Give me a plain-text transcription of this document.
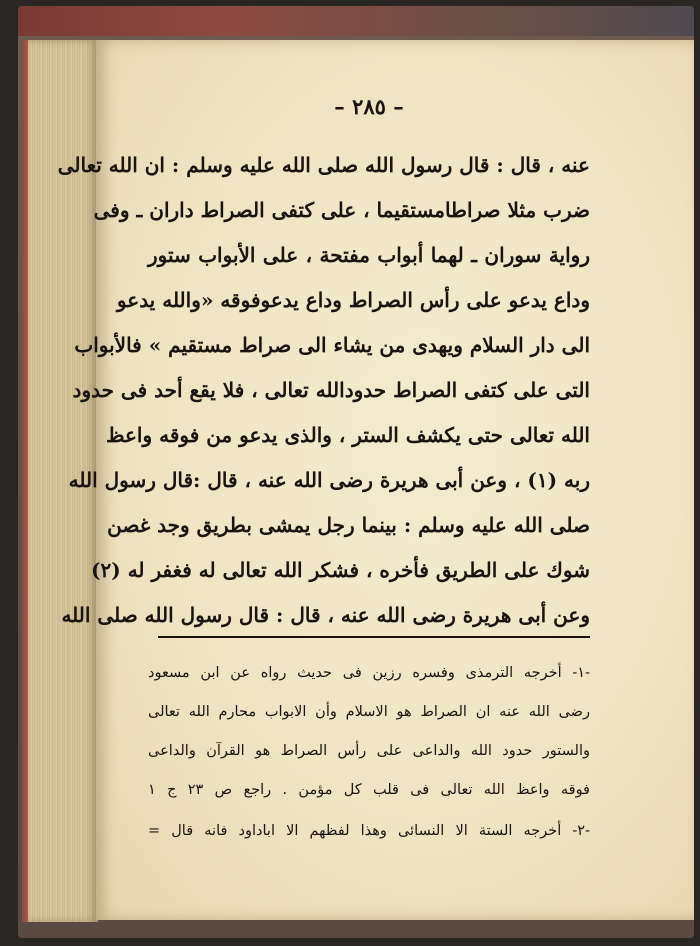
– ٢٨٥ –
عنه ، قال : قال رسول الله صلى الله عليه وسلم : ان الله تعالى
ضرب مثلا صراطامستقيما ، على كتفى الصراط داران ـ وفى
رواية سوران ـ لهما أبواب مفتحة ، على الأبواب ستور
وداع يدعو على رأس الصراط وداع يدعوفوقه «والله يدعو
الى دار السلام ويهدى من يشاء الى صراط مستقيم » فالأبواب
التى على كتفى الصراط حدودالله تعالى ، فلا يقع أحد فى حدود
الله تعالى حتى يكشف الستر ، والذى يدعو من فوقه واعظ
ربه (١) ، وعن أبى هريرة رضى الله عنه ، قال :قال رسول الله
صلى الله عليه وسلم : بينما رجل يمشى بطريق وجد غصن
شوك على الطريق فأخره ، فشكر الله تعالى له فغفر له (٢)
وعن أبى هريرة رضى الله عنه ، قال : قال رسول الله صلى الله
-١- أخرجه الترمذى وفسره رزين فى حديث رواه عن ابن مسعود
رضى الله عنه ان الصراط هو الاسلام وأن الابواب محارم الله تعالى
والستور حدود الله والداعى على رأس الصراط هو القرآن والداعى
فوقه واعظ الله تعالى فى قلب كل مؤمن . راجع ص ٢٣ ج ١
-٢- أخرجه الستة الا النسائى وهذا لفظهم الا اباداود فانه قال =
